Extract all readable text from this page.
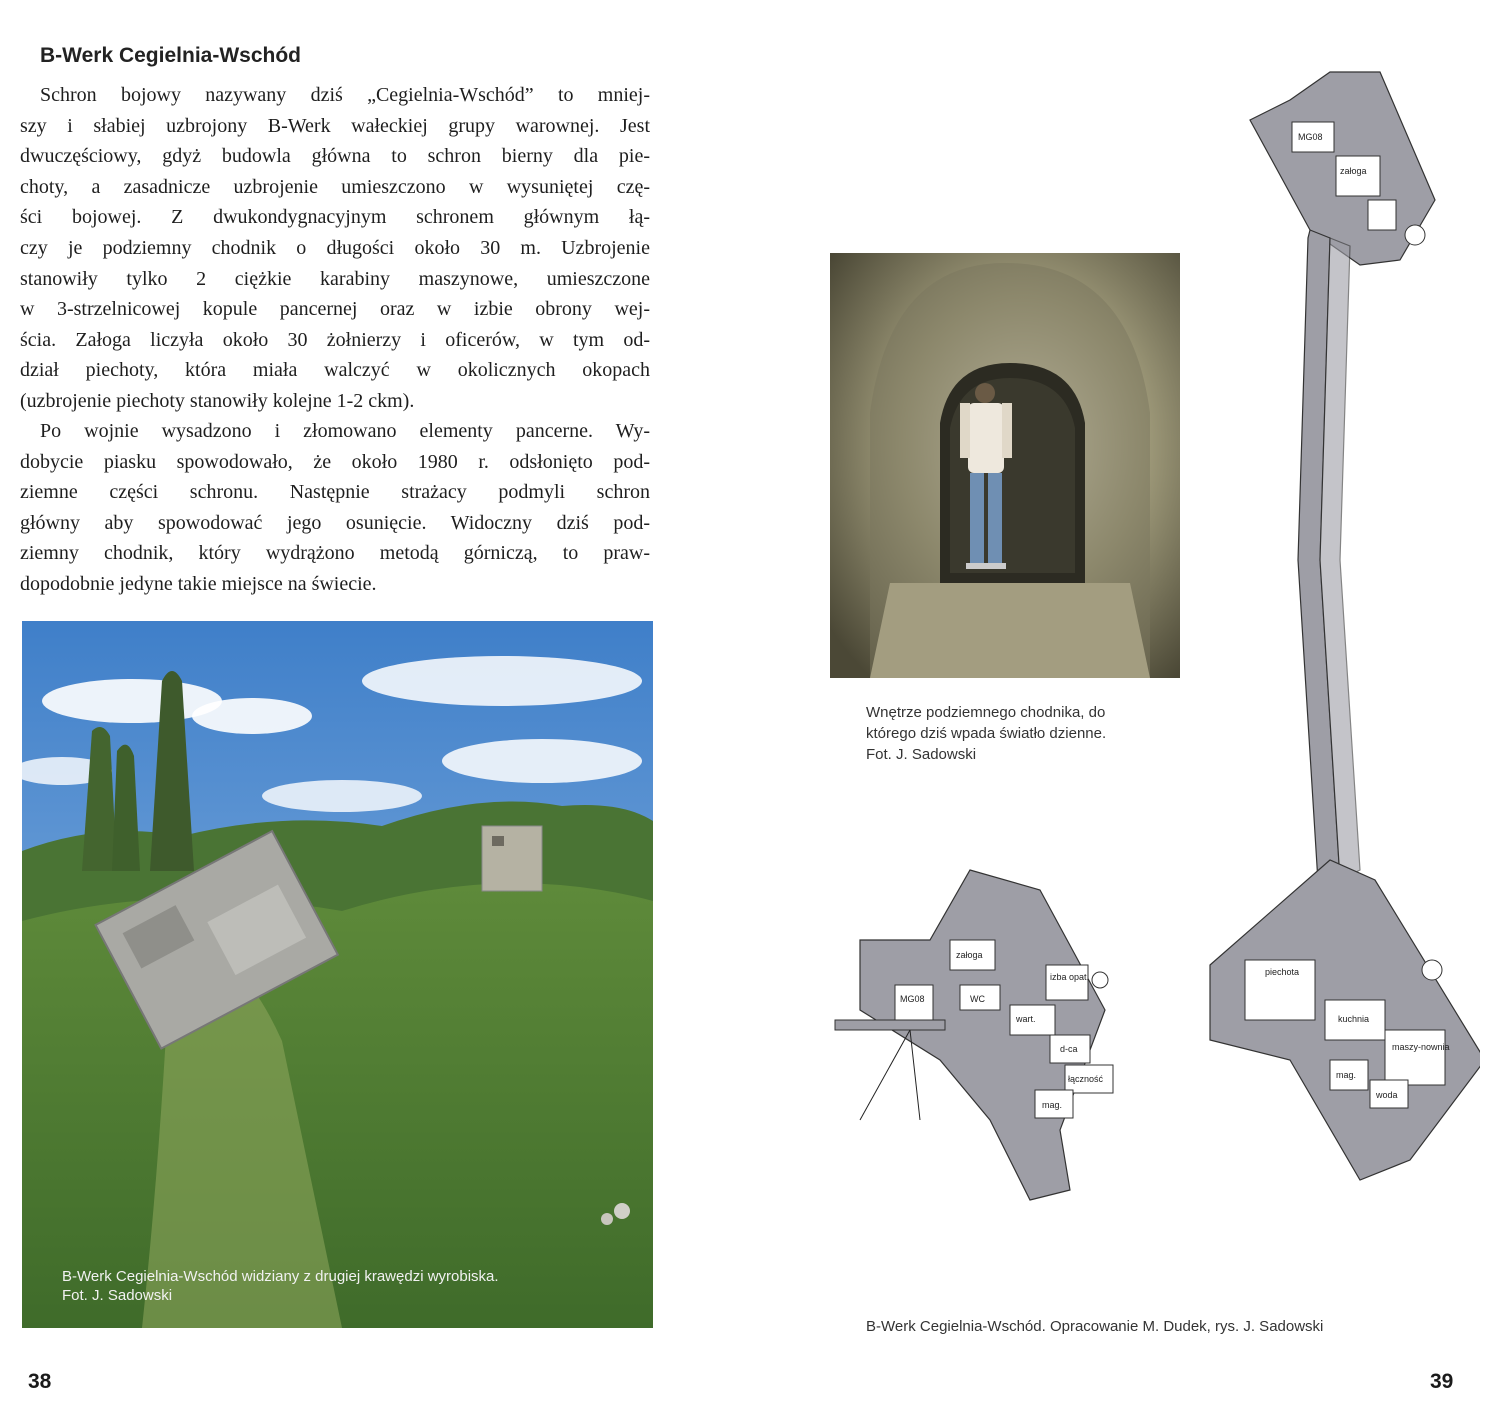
B-Werk Cegielnia-Wschód
Schron bojowy nazywany dziś „Cegielnia-Wschód” to mniej-
szy i słabiej uzbrojony B-Werk wałeckiej grupy warownej. Jest
dwuczęściowy, gdyż budowla główna to schron bierny dla pie-
choty, a zasadnicze uzbrojenie umieszczono w wysuniętej czę-
ści bojowej. Z dwukondygnacyjnym schronem głównym łą-
czy je podziemny chodnik o długości około 30 m. Uzbrojenie
stanowiły tylko 2 ciężkie karabiny maszynowe, umieszczone
w 3-strzelnicowej kopule pancernej oraz w izbie obrony wej-
ścia. Załoga liczyła około 30 żołnierzy i oficerów, w tym od-
dział piechoty, która miała walczyć w okolicznych okopach
(uzbrojenie piechoty stanowiły kolejne 1-2 ckm).
Po wojnie wysadzono i złomowano elementy pancerne. Wy-
dobycie piasku spowodowało, że około 1980 r. odsłonięto pod-
ziemne części schronu. Następnie strażacy podmyli schron
główny aby spowodować jego osunięcie. Widoczny dziś pod-
ziemny chodnik, który wydrążono metodą górniczą, to praw-
dopodobnie jedyne takie miejsce na świecie.
B-Werk Cegielnia-Wschód widziany z drugiej krawędzi wyrobiska.
Fot. J. Sadowski
38
Wnętrze podziemnego chodnika, do
którego dziś wpada światło dzienne.
Fot. J. Sadowski
MG08
załoga
piechota
kuchnia
maszy-nownia
mag.
woda
MG08
załoga
WC
wart.
izba opat.
d-ca
łączność
mag.
B-Werk Cegielnia-Wschód. Opracowanie M. Dudek, rys. J. Sadowski
39
